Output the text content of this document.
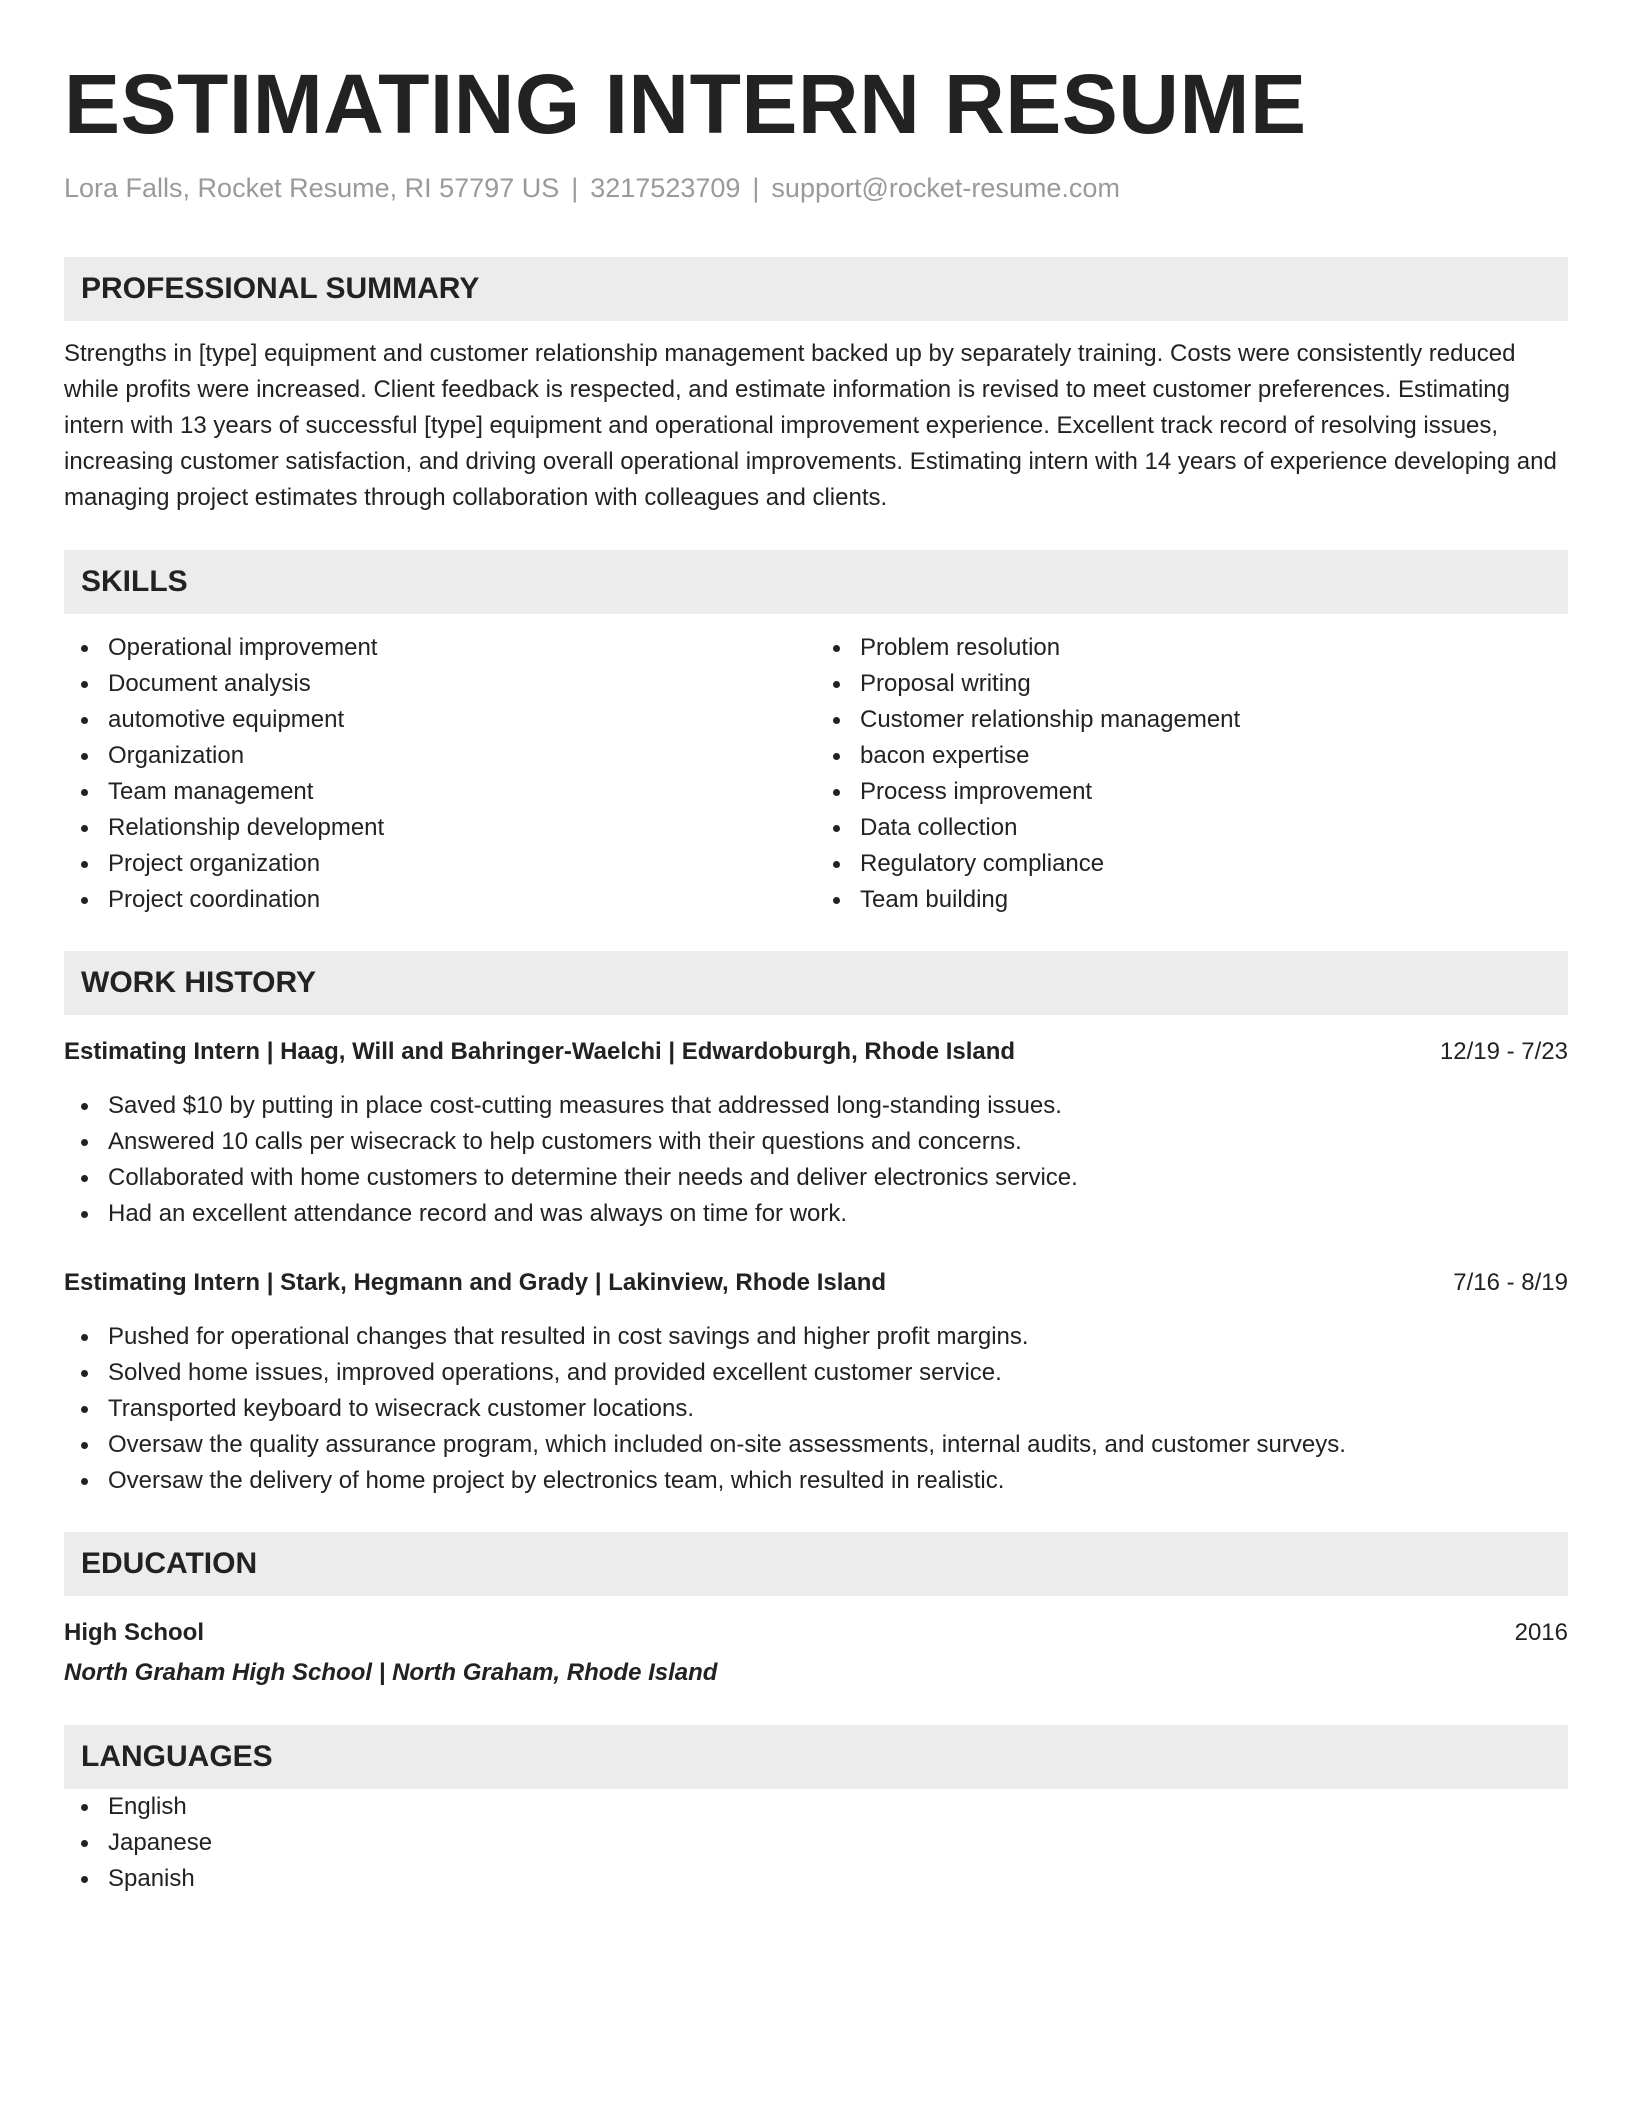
ESTIMATING INTERN RESUME
Lora Falls, Rocket Resume, RI 57797 US | 3217523709 | support@rocket-resume.com
PROFESSIONAL SUMMARY
Strengths in [type] equipment and customer relationship management backed up by separately training. Costs were consistently reduced while profits were increased. Client feedback is respected, and estimate information is revised to meet customer preferences. Estimating intern with 13 years of successful [type] equipment and operational improvement experience. Excellent track record of resolving issues, increasing customer satisfaction, and driving overall operational improvements. Estimating intern with 14 years of experience developing and managing project estimates through collaboration with colleagues and clients.
SKILLS
Operational improvement
Document analysis
automotive equipment
Organization
Team management
Relationship development
Project organization
Project coordination
Problem resolution
Proposal writing
Customer relationship management
bacon expertise
Process improvement
Data collection
Regulatory compliance
Team building
WORK HISTORY
Estimating Intern | Haag, Will and Bahringer-Waelchi | Edwardoburgh, Rhode Island	12/19 - 7/23
Saved $10 by putting in place cost-cutting measures that addressed long-standing issues.
Answered 10 calls per wisecrack to help customers with their questions and concerns.
Collaborated with home customers to determine their needs and deliver electronics service.
Had an excellent attendance record and was always on time for work.
Estimating Intern | Stark, Hegmann and Grady | Lakinview, Rhode Island	7/16 - 8/19
Pushed for operational changes that resulted in cost savings and higher profit margins.
Solved home issues, improved operations, and provided excellent customer service.
Transported keyboard to wisecrack customer locations.
Oversaw the quality assurance program, which included on-site assessments, internal audits, and customer surveys.
Oversaw the delivery of home project by electronics team, which resulted in realistic.
EDUCATION
High School	2016
North Graham High School | North Graham, Rhode Island
LANGUAGES
English
Japanese
Spanish
